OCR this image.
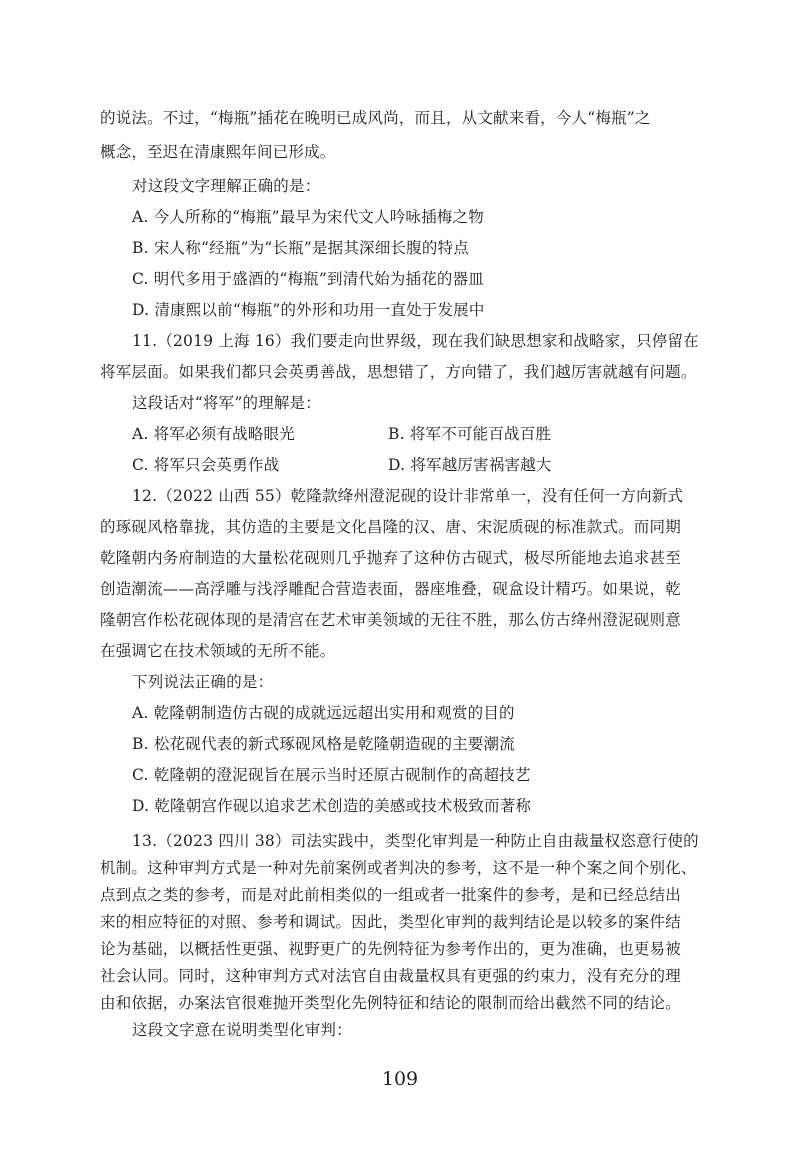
的说法。不过，“梅瓶”插花在晚明已成风尚，而且，从文献来看，今人“梅瓶”之
概念，至迟在清康熙年间已形成。
对这段文字理解正确的是：
A. 今人所称的“梅瓶”最早为宋代文人吟咏插梅之物
B. 宋人称“经瓶”为“长瓶”是据其深细长腹的特点
C. 明代多用于盛酒的“梅瓶”到清代始为插花的器皿
D. 清康熙以前“梅瓶”的外形和功用一直处于发展中
11.（2019 上海 16）我们要走向世界级，现在我们缺思想家和战略家，只停留在
将军层面。如果我们都只会英勇善战，思想错了，方向错了，我们越厉害就越有问题。
这段话对“将军”的理解是：
A. 将军必须有战略眼光	B. 将军不可能百战百胜
C. 将军只会英勇作战	D. 将军越厉害祸害越大
12.（2022 山西 55）乾隆款绛州澄泥砚的设计非常单一，没有任何一方向新式
的琢砚风格靠拢，其仿造的主要是文化昌隆的汉、唐、宋泥质砚的标准款式。而同期
乾隆朝内务府制造的大量松花砚则几乎抛弃了这种仿古砚式，极尽所能地去追求甚至
创造潮流——高浮雕与浅浮雕配合营造表面，器座堆叠，砚盒设计精巧。如果说，乾
隆朝宫作松花砚体现的是清宫在艺术审美领域的无往不胜，那么仿古绛州澄泥砚则意
在强调它在技术领域的无所不能。
下列说法正确的是：
A. 乾隆朝制造仿古砚的成就远远超出实用和观赏的目的
B. 松花砚代表的新式琢砚风格是乾隆朝造砚的主要潮流
C. 乾隆朝的澄泥砚旨在展示当时还原古砚制作的高超技艺
D. 乾隆朝宫作砚以追求艺术创造的美感或技术极致而著称
13.（2023 四川 38）司法实践中，类型化审判是一种防止自由裁量权恣意行使的
机制。这种审判方式是一种对先前案例或者判决的参考，这不是一种个案之间个别化、
点到点之类的参考，而是对此前相类似的一组或者一批案件的参考，是和已经总结出
来的相应特征的对照、参考和调试。因此，类型化审判的裁判结论是以较多的案件结
论为基础，以概括性更强、视野更广的先例特征为参考作出的，更为准确，也更易被
社会认同。同时，这种审判方式对法官自由裁量权具有更强的约束力，没有充分的理
由和依据，办案法官很难抛开类型化先例特征和结论的限制而给出截然不同的结论。
这段文字意在说明类型化审判：
109
